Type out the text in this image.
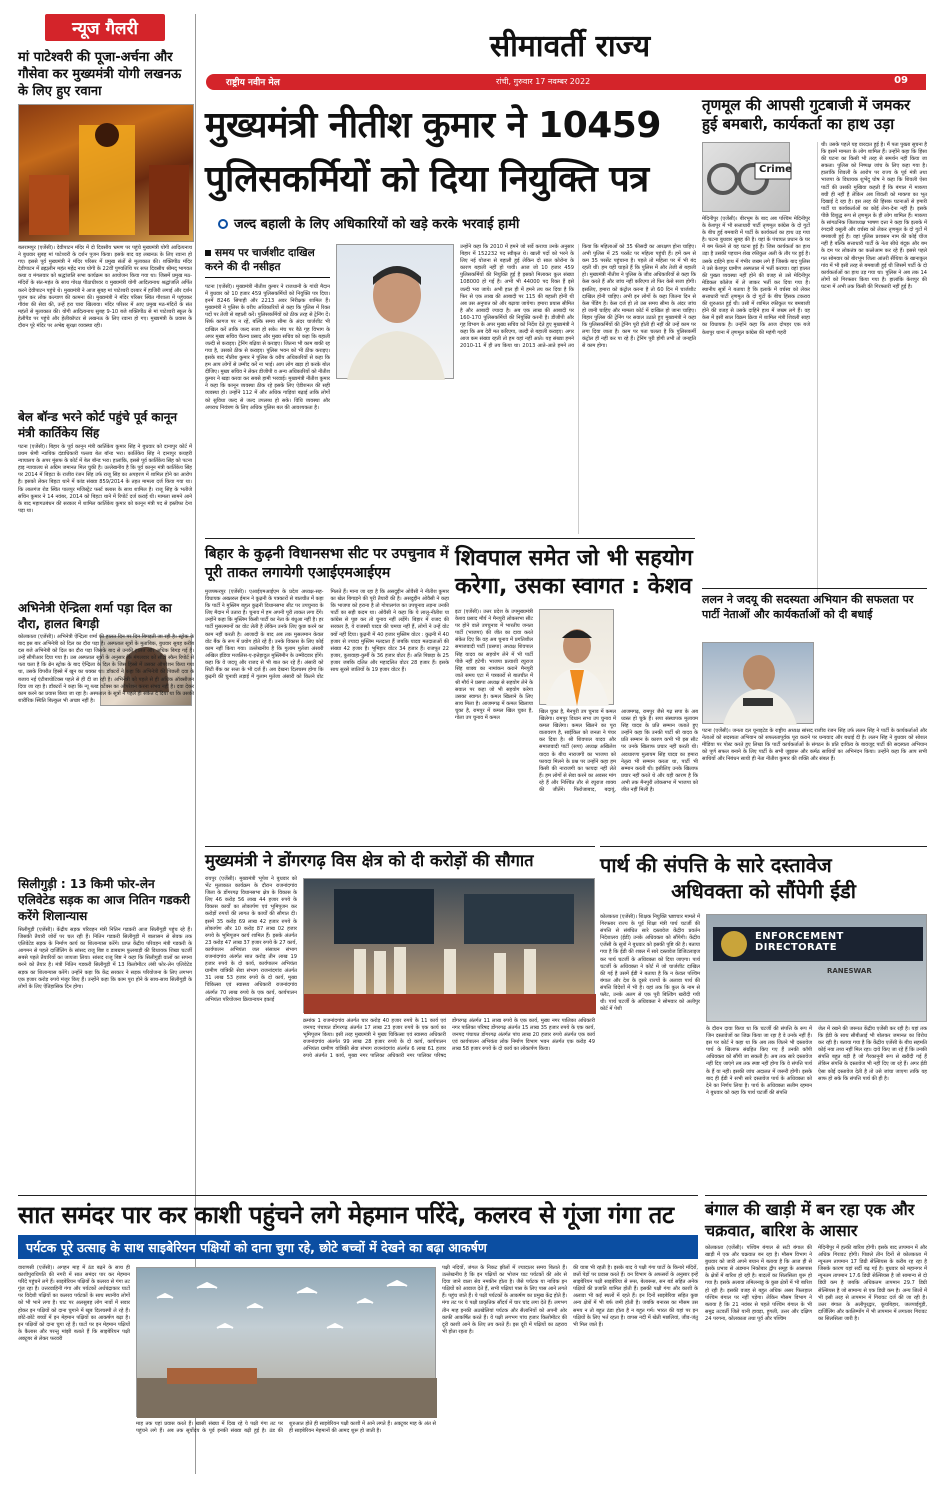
न्यूज गैलरी
मां पाटेश्वरी की पूजा-अर्चना और गौसेवा कर मुख्यमंत्री योगी लखनऊ के लिए हुए रवाना
बलरामपुर (एजेंसी)। देवीपाटन मंदिर में दो दिवसीय भ्रमण पर पहुंचे मुख्यमंत्री योगी आदित्यनाथ ने बुधवार सुबह मां पाटेश्वरी के दर्शन पूजन किया। इसके बाद वह लखनऊ के लिए रवाना हो गए। इससे पूर्व मुख्यमंत्री ने मंदिर परिसर में प्रमुख संतों से मुलाकात की। शक्तिपीठ मंदिर देवीपाटन में ब्रह्मलीन महंत महेंद्र नाथ योगी के 22वीं पुण्यतिथि पर सप्त दिवसीय श्रीमद् भागवत कथा व मंगलवार को श्रद्धांजलि सभा कार्यक्रम का आयोजन किया गया था। जिसमें प्रमुख मठ-मंदिरों के संत-महंत के साथ गोरक्ष पीठाधीश्वर व मुख्यमंत्री योगी आदित्यनाथ श्रद्धांजलि अर्पित करने देवीपाटन पहुंचे थे। मुख्यमंत्री ने आज सुबह मां पाटेश्वरी दरबार में हाजिरी लगाई और दर्शन पूजन कर लोक कल्याण की कामना की। मुख्यमंत्री ने मंदिर परिसर स्थित गौशाला में पहुंचकर गौवंश की सेवा की, उन्हें हरा चारा खिलाया। मंदिर परिसर में आए प्रमुख मठ-मंदिरों के संत महंतों से मुलाकात की। योगी आदित्यनाथ सुबह 9-10 बजे शक्तिपीठ से मां पाटेश्वरी स्कूल के हेलीपैड पर पहुंचे और हेलीकॉप्टर से लखनऊ के लिए रवाना हो गए। मुख्यमंत्री के प्रवास के दौरान पूरे मंदिर पर अभेद्य सुरक्षा व्यवस्था रही।
बेल बॉन्ड भरने कोर्ट पहुंचे पूर्व कानून मंत्री कार्तिकेय सिंह
पटना (एजेंसी)। बिहार के पूर्व कानून मंत्री कार्तिकेय कुमार सिंह ने बुधवार को दानापुर कोर्ट में प्रथम श्रेणी न्यायिक दंडाधिकारी पल्लव बेल बॉन्ड भरा। कार्तिकेय सिंह ने दानापुर कचहरी न्यायालय के अपर मुंसफ के कोर्ट में बेल बॉन्ड भरा। हालांकि, इससे पूर्व कार्तिकेय सिंह को पटना हाइ न्यायालय से अग्रिम जमानत मिल चुकी है। उल्लेखनीय है कि पूर्व कानून मंत्री कार्तिकेय सिंह पर 2014 में बिहटा के राजीव रंजन सिंह उर्फ राजू सिंह का अपहरण में शामिल होने का आरोप है। इसको लेकर बिहटा थाने में कांड संख्या 859/2014 के तहत मामला दर्ज किया गया था। कि लालगंज रोड स्थित पालपुर मजिस्ट्रेट फर्स्ट क्लास के साथ शामिल है। राजू सिंह के भतीजे सचिन कुमार ने 14 नवंबर, 2014 को बिहटा थाने में रिपोर्ट दर्ज कराई थी। मामला सामने आने के बाद महागठबंधन की सरकार में शामिल कार्तिकेय कुमार को कानून मंत्री पद से इस्तीफा देना पड़ा था।
अभिनेत्री ऐन्द्रिला शर्मा पड़ा दिल का दौरा, हालत बिगड़ी
कोलकाता (एजेंसी)। अभिनेत्री ऐन्द्रिला शर्मा की हालत दिन पर दिन बिगड़ती जा रही है। स्ट्रोक के बाद इस बार अभिनेत्री को दिल का दौरा पड़ा है। अस्पताल सूत्रों के मुताबिक, बुधवार सुबह करीब दस बजे अभिनेत्री को दिल का दौरा पड़ा जिसके बाद से उनकी हालत और अधिक बिगड़ गई है। उन्हें सीपीआर दिया गया है। उस अस्पताल सूत्रों के अनुसार कि मंगलवार को सीटी स्कैन रिपोर्ट से पता चला है कि ब्रेन स्ट्रोक के बाद ऐन्द्रिला के दिल के जिस हिस्से में उसका ऑपरेशन किया गया था, उसके विपरीत हिस्से में खून का थक्का था। डॉक्टरों ने कहा कि अभिनेत्री की पिछली दवा के बजाय नई एंटीबायोटिक्स पहले से ही दी जा रही है। अभिनेत्री को पहले से ही अधिक ऑक्सीजन दिया जा रहा है। डॉक्टरों ने कहा कि न्यू ब्लड वर्टेक्स का ऑपरेशन करना संभव नहीं है। दवा देकर काम करने का प्रयास किया जा रहा है। अस्पताल के सूत्रों ने पहले ही संकेत दे दिया था कि उसकी शारीरिक स्थिति बिल्कुल भी अच्छा नहीं है।
सिलीगुड़ी : 13 किमी फोर-लेन एलिवेटेड सड़क का आज नितिन गडकरी करेंगे शिलान्यास
सिलीगुड़ी (एजेंसी)। केंद्रीय सड़क परिवहन मंत्री नितिन गडकरी आज सिलीगुड़ी पहुंच रहे हैं। जिसकी तैयारी जोरों पर चल रही हैं। नितिन गडकरी सिलीगुड़ी में बालासन से सेवक तक एलिवेटेड सड़क के निर्माण कार्य का शिलान्यास करेंगे। प्राप्त केंद्रीय परिवहन मंत्री गडकरी के आगमन से पहले दार्जिलिंग के सांसद राजू बिष्ट व डाबग्राम फुलबाड़ी की विधायक शिखा चटर्जी सबसे पहले तैयारियों का जायजा लिया। सांसद राजू बिष्ट ने कहा कि सिलीगुड़ी वालों का सपना बनने को तैयार है। मंत्री नितिन गडकरी सिलीगुड़ी में 13 किलोमीटर लंबी फोर-लेन एलिवेटेड सड़क का शिलान्यास करेंगे। उन्होंने कहा कि केंद्र सरकार ने सड़क परियोजना के लिए लगभग एक हजार करोड़ रुपये मंजूर किए हैं। उन्होंने कहा कि काम पूरा होने के साथ-साथ सिलीगुड़ी के लोगों के लिए ऐतिहासिक दिन होगा।
सीमावर्ती राज्य
राष्ट्रीय नवीन मेल	रांची, गुरुवार 17 नवम्बर 2022	09
मुख्यमंत्री नीतीश कुमार ने 10459
पुलिसकर्मियों को दिया नियुक्ति पत्र
जल्द बहाली के लिए अधिकारियों को खड़े करके भरवाई हामी
समय पर चार्जशीट दाखिल करने की दी नसीहत
पटना (एजेंसी)। मुख्यमंत्री नीतीश कुमार ने राजधानी के गांधी मैदान में बुधवार को 10 हजार 459 पुलिसकर्मियों को नियुक्ति पत्र दिया। इनमें 8246 सिपाही और 2213 अवर निरीक्षक शामिल हैं। मुख्यमंत्री ने पुलिस के वरीय अधिकारियों से कहा कि पुलिस में रिक्त पदों पर तेजी से बहाली करें। पुलिसकर्मियों को ठीक तरह से ट्रेनिंग दें। सिर्फ कागज पर न रहें, बल्कि समय सीमा के अंदर चार्जशीट भी दाखिल करें ताकि जल्द सजा हो सके। मंच पर बैठे गृह विभाग के अपर मुख्य सचिव चैतन्य प्रसाद और मुख्य सचिव को कहा कि बहाली जल्दी से कराइए। ट्रेनिंग बढ़िया से कराइए। जितना भी काम बाकी रह गया है, उसको ठीक से कराइए। पुलिस भवन को भी ठीक कराइए। इसके बाद नीतीश कुमार ने पुलिस के वरीय अधिकारियों से कहा कि हम आप लोगों से उम्मीद करें ना भाई। आप लोग खड़ा हो करके बोल दीजिए। मुख्य सचिव ने लेकर डीजीपी व अन्य अधिकारियों को नीतीश कुमार ने खड़ा करवा कर सबसे हामी भरवाई। मुख्यमंत्री नीतीश कुमार ने कहा कि कानून व्यवस्था ठीक रहे इसके लिए ऐडीशनल की सही व्यवस्था हो। उन्होंने 112 में और अधिक गाड़ियां बढ़ाई ताकि लोगों को सुविधा जल्द से जल्द उपलब्ध हो सके। विधि व्यवस्था और अपराध नियंत्रण के लिए अधिक पुलिस बल की आवश्यकता है।
उन्होंने कहा कि 2010 में हमने जो सर्वे कराया उनके अनुसार बिहार में 152232 पद स्वीकृत थे। खाली पदों को भरने के लिए नई योजना से बहाली हुई लेकिन दो साल कोरोना के कारण बहाली नहीं हो पायी। आज जो 10 हजार 459 पुलिसकर्मियों की नियुक्ति हुई है इसको मिलाकर कुल संख्या 108000 हो गई है। अभी भी 44000 पद रिक्त हैं इसे जल्दी भरा जाये। अभी हाल ही में हमने तय कर दिया है कि फिर से एक लाख की आबादी पर 115 की बहाली होनी थी अब उस अनुपात को और बढ़ाया जायेगा। हमारा प्रयास सीमित है और आबादी ज्यादा है। अब एक लाख की आबादी पर 160-170 पुलिसकर्मियों की नियुक्ति करनी है। डीजीपी और गृह विभाग के अपर मुख्य सचिव को निर्देश देते हुए मुख्यमंत्री ने कहा कि अब देरी मत करिएगा, जल्दी से बहाली कराइए। अगर आज कम संख्या रहती तो हम यहां नहीं आते। यह संख्या हमने 2010-11 में ही तय किया था। 2013 आते-आते हमने तय किया कि महिलाओं को 35 फीसदी का आरक्षण होना चाहिए। अभी पुलिस में 25 परसेंट पर महिला पहुंची हैं। हमें कम से कम 35 परसेंट पहुंचाना है। पहले तो महिला पर में भी बंद रहती थीं। हम यही चाहते हैं कि पुलिस में और तेजी से बहाली हो। मुख्यमंत्री नीतीश ने पुलिस के जीव अधिकारियों से कहा कि केस करते हैं और जांच नहीं करिएगा तो फिर केसे सजा होगी। इसलिए, हमारा को कंट्रोल करना है तो 60 दिन में चार्जशीट दाखिल होनी चाहिए। अभी इन लोगों के कहा जितना दिन से केस पेंडिंग है। केस दर्ज हो तो उस समय सीमा के अंदर जांच हो जानी चाहिए और मामला कोर्ट में दाखिल हो जाना चाहिए। बिहार पुलिस की ट्रेनिंग पर सवाल उठाते हुए मुख्यमंत्री ने कहा कि पुलिसकर्मियों की ट्रेनिंग पूरी होती ही नहीं की उन्हें काम पर लगा दिया जाता है। काम पर पता चलता है कि पुलिसकर्मी कंट्रोल ही नहीं कर पा रहे हैं। ट्रेनिंग पूरी होगी तभी तो जनहृति से काम होगा।
तृणमूल की आपसी गुटबाजी में जमकर हुई बमबारी, कार्यकर्ता का हाथ उड़ा
Crime
मेदिनीपुर (एजेंसी)। बीरभूम के बाद अब पश्चिम मेदिनीपुर के केशपुर में भी सत्ताधारी पार्टी तृणमूल कांग्रेस के दो गुटों के बीच हुई बमबारी में पार्टी के कार्यकर्ता का हाथ उड़ गया है। घटना बुधवार सुबह की है। यहां के पंचायत प्रधान के घर में बम फेंकने से यह घटना हुई है। जिस कार्यकर्ता का हाथ उड़ा है उसकी पहचान शेख रफीकुल अली के तौर पर हुई है। उसके दाहिने हाथ में गंभीर जख्म लगे हैं जिसके बाद पुलिस ने उसे केशपुर ग्रामीण अस्पताल में भर्ती कराया। वहां हालत की पुख्ता व्यवस्था नहीं होने की वजह से उसे मेदिनीपुर मेडिकल कॉलेज में ले जाकर भर्ती कर दिया गया है। स्थानीय सूत्रों ने बताया है कि इलाके में वर्चस्व को लेकर सत्ताधारी पार्टी तृणमूल के दो गुटों के बीच हिंसक टकराव की शुरुआत हुई थी। उसी में शामिल रफीकुल पर बमबाजी होने की वजह से उसके दाहिने हाथ में जख्म लगे हैं। वह केस में इसी साल विक्रम क्रिया में शामिल मंत्री शिवली साहा का विधायक है। उन्होंने कहा कि आज दोपहर एक बजे केशपुर थाना में तृणमूल कांग्रेस की महंगी गहरी
थी। उसके पहले यह वारदात हुई है। मैं पता पुख्ता सूचना है कि इसमें मामला के लोग शामिल हैं। उन्होंने कहा कि हिंसा की घटना का किसी भी तरह से समर्थन नहीं किया जा सकता। पुलिस को निष्पक्ष जांच के लिए कहा गया है। हालांकि शिवली के आरोप पर राज्य के पूर्व मंत्री तथा भाजपा के विधायक शुभेंदु घोष ने कहा कि शिवली ऐसा पार्टी की उसकी मुखिया कहती हैं कि बंगाल में माकपा बची ही नहीं है लेकिन अब शिवली को माकपा का भूत दिखाई दे रहा है। इस तरह की हिंसक घटनाओं से हमारी पार्टी या कार्यकर्ताओं का कोई लेना-देना नहीं है। इसके पीछे विशुद्ध रूप से तृणमूल के ही लोग शामिल हैं। माकपा के सांगठनिक जिलाध्यक्ष भाषण दत्ता ने कहा कि इलाके में रंगदारी वसूली और वर्चस्व को लेकर तृणमूल के दो गुटों में बमबाजी हुई है। वहां पुलिस प्रशासन नाम की कोई चीज नहीं है बल्कि सत्ताधारी पार्टी के नेता सीधे बंदूक और बम के दम पर लोकतंत्र का कत्लेआम कर रहे हैं। इससे पहले गत सोमवार को बीरभूम जिला आंतरी सैंथिया के खानाकुल गांव में भी इसी तरह से बमबाजी हुई थी जिसमें पार्टी के दो कार्यकर्ताओं का हाथ उड़ गया था। पुलिस ने अब तक 14 लोगों को गिरफ्तार किया गया है। हालांकि केशपुर की घटना में अभी तक किसी की गिरफ्तारी नहीं हुई है।
ललन ने जदयू की सदस्यता अभियान की सफलता पर पार्टी नेताओं और कार्यकर्ताओं को दी बधाई
पटना (एजेंसी)। जनता दल यूनाइटेड के राष्ट्रीय अध्यक्ष सांसद राजीव रंजन सिंह उर्फ ललन सिंह ने पार्टी के कार्यकर्ताओं और नेताओं को सदस्यता अभियान को सफलतापूर्वक पूरा कराने पर धन्यवाद और बधाई दी है। ललन सिंह ने बुधवार को सोशल मीडिया पर पोस्ट करते हुए लिखा कि पार्टी कार्यकर्ताओं के संगठन के प्रति दायित्व के बावजूद पार्टी की सदस्यता अभियान को पूर्ण सफल बनाने के लिए पार्टी के सभी जुझारू और कर्मठ साथियों का अभिनंदन किया। उन्होंने कहा कि आप सभी साथियों और निबंधन साथी ही नेता नीतीश कुमार की शक्ति और संबल हैं।
बिहार के कुढ़नी विधानसभा सीट पर उपचुनाव में पूरी ताकत लगायेगी एआईएमआईएम
मुजफ्फरपुर (एजेंसी)। एआईएमआईएम के प्रदेश अध्यक्ष-सह-विधायक अख्तरुल ईमान ने कुढ़नी के पत्रकारों से बातचीत में कहा कि पार्टी ने मुस्लिम बहुल कुढ़नी विधानसभा सीट पर उपचुनाव के लिए मैदान में उतारा है। चुनाव में हम अपनी पूरी ताकत लगा देंगे। उन्होंने कहा कि मुस्लिम किसी पार्टी का नेता के बंधुआ नहीं है। हर पार्टी मुसलमानों का वोट लेती है लेकिन उनके लिए कुछ करने का काम नहीं करती है। आजादी के बाद अब तक मुसलमान केवल वोट बैंक के रूप में प्रयोग होते रहे हैं। उनके विकास के लिए कोई काम नहीं किया गया। उल्लेखनीय है कि गुलाम मुर्तजा अंसारी अखिल इंडिया मजलिस-ए-इत्तेहादुल मुस्लिमीन के उम्मीदवार होंगे। कहा कि वे जदयू और राजद से भी बात कर रहे हैं। अंसारी को सिटी बैंक का सत्ता के भी दर्ज हैं। अब देखना दिलचस्प होगा कि कुढ़नी की चुनावी लड़ाई में गुलाम मुर्तजा अंसारी को कितने वोट मिलते हैं। माना जा रहा है कि असदुद्दीन ओवैसी ने नीतीश कुमार का खेल बिगाड़ने की पूरी तैयारी की है। असदुद्दीन ओवैसी ने कहा कि भाजपा को हराना है तो गोपालगंज का उपचुनाव लड़ना उनकी पार्टी का सही कदम था। ओवैसी ने कहा कि ये लालू-नीतीश या कांग्रेस से पूछ कर तो चुनाव नहीं लड़ेंगे। बिहार में राजद की सरकार है, ये राजस्थी यादव की चमचा नहीं हैं, लोगों ने उन्हें वोट क्यों नहीं दिया। कुढ़नी में 40 हजार मुस्लिम वोटर : कुढ़नी में 40 हजार से ज्यादा मुस्लिम मतदाता हैं जबकि यादव मतदाताओं की संख्या 42 हजार है। भूमिहार वोटर 34 हजार हैं। राजपूत 22 हजार, कुशवाहा-कुर्मी के 36 हजार वोटर हैं। अति पिछड़ा के 25 हजार जबकि दलित और महादलित वोटर 28 हजार हैं। इसके साथ सुरसे जातियों के 19 हजार वोटर हैं।
शिवपाल समेत जो भी सहयोग
करेगा, उसका स्वागत : केशव
इटा (एजेंसी)। उत्तर प्रदेश के उपमुख्यमंत्री केशव प्रसाद मौर्य ने मैनपुरी लोकसभा सीट पर होने वाले उपचुनाव में भारतीय जनता पार्टी (भाजपा) की जीत का दावा करते संकेत दिए कि वह अब चुनाव में प्रगतिशील समाजवादी पार्टी (प्रसपा) अध्यक्ष शिवपाल सिंह यादव का सहयोग लेने में भी पार्टी पीछे नहीं हटेगी। भाजपा प्रत्याशी रघुराज सिंह शाक्य का नामांकन कराने मैनपुरी जाते समय एटा में पत्रकारों से बातचीत में श्री मौर्य ने प्रसपा अध्यक्ष से सहयोग लेने के सवाल पर कहा जो भी सहयोग करेगा उसका स्वागत है। कमल खिलाने के लिए साथ मिला है। आजमगढ़ में कमल खिलाया चुका है, रामपुर में कमल खिल चुका है, गोला उप चुनाव में कमल
खिल चुका है, मैनपुरी उप चुनाव में कमल खिलेगा। रामपुर विधान सभा उप चुनाव में कमल खिलेगा। कमल खिलने का पूरा वातावरण है, साईकिल को जनता ने पंचर कर दिया है। श्री शिवपाल यादव और समाजवादी पार्टी (सपा) अध्यक्ष अखिलेश यादव के बीच नाराजगी का भाजपा को फायदा मिलने के प्रश्न पर उन्होंने कहा हम किसी की नाराजगी का फायदा नहीं लेते हैं। हम लोगों से सेवा करने का अवसर मांग रहे हैं और निश्चित तौर से रघुराज शाक्य की जीतेंगे। फिरोजाबाद, बदायूं, आजमगढ़, रामपुर जैसे गढ़ सपा के अब ध्वस्त हो चुके हैं। सपा संस्थापक मुलायम सिंह यादव के प्रति सम्मान जताते हुए उन्होंने कहा कि उनकी पार्टी श्री यादव के प्रति सम्मान के कारण कभी भी इस सीट पर उनके खिलाफ प्रचार नहीं करती थी। अवधारणा मुलायम सिंह यादव का हमारा नेतृत्व भी सम्मान करता था, पार्टी भी सम्मान करती थी। इसीलिए उनके खिलाफ प्रचार नहीं करते थे और यही कारण है कि अभी तक मैनपुरी लोकसभा में भाजपा को जीत नहीं मिली है।
मुख्यमंत्री ने डोंगरगढ़ विस क्षेत्र को दी करोड़ों की सौगात
रायपुर (एजेंसी)। मुख्यमंत्री भूपेश ने बुधवार को भेंट मुलाकात कार्यक्रम के दौरान राजनांदगांव जिला के डोंगरगढ़ विधानसभा क्षेत्र के विकास के लिए 46 करोड़ 56 लाख 44 हजार रुपये के विकास कार्यों का लोकार्पण एवं भूमिपूजन कर करोड़ों रुपयों की लागत के कार्यों की सौगात दी। इसमें 35 करोड़ 69 लाख 42 हजार रुपये के लोकार्पण और 10 करोड़ 87 लाख 02 हजार रुपये के भूमिपूजन कार्य शामिल हैं। इसके अंतर्गत 23 करोड़ 47 लाख 37 हजार रुपये के 27 कार्य, कार्यपालन अभियंता जल संसाधन संभाग राजनांदगांव अंतर्गत सात करोड़ तीन लाख 19 हजार रुपये के दो कार्य, कार्यपालन अभियंता ग्रामीण यांत्रिकी सेवा संभाग राजनांदगांव अंतर्गत 31 लाख 53 हजार रुपये के दो कार्य, मुख्य चिकित्सा एवं स्वास्थ्य अधिकारी राजनांदगांव अंतर्गत 70 लाख रुपये के एक कार्य, कार्यपालन अभियंता परियोजना क्रियान्वयन इकाई
क्रमांक 1 राजनांदगांव अंतर्गत चार करोड़ 40 हजार रुपये के 11 कार्य एवं जनपद पंचायत डोंगरगढ़ अंतर्गत 17 लाख 23 हजार रुपये के एक कार्य का भूमिपूजन किया। इसी तरह मुख्यमंत्री ने मुख्य चिकित्सा एवं स्वास्थ्य अधिकारी राजनांदगांव अंतर्गत 99 लाख 28 हजार रुपये के दो कार्य, कार्यपालन अभियंता ग्रामीण यांत्रिकी सेवा संभाग राजनांदगांव अंतर्गत 6 लाख 61 हजार रुपये अंतर्गत 1 कार्य, मुख्य नगर पालिका अधिकारी नगर पालिका परिषद डोंगरगढ़ अंतर्गत 11 लाख रुपये के एक कार्य, मुख्य नगर पालिका अधिकारी नगर पालिका परिषद डोंगरगढ़ अंतर्गत 15 लाख 35 हजार रुपये के एक कार्य, जनपद पंचायत डोंगरगढ़ अंतर्गत पांच लाख 20 हजार रुपये अंतर्गत एक कार्य एवं कार्यपालन अभियंता लोक निर्माण विभाग भवन अंतर्गत एक करोड़ 49 लाख 58 हजार रुपये के दो कार्य का लोकार्पण किया।
पार्थ की संपत्ति के सारे दस्तावेज
अधिवक्ता को सौंपेगी ईडी
कोलकाता (एजेंसी)। शिक्षक नियुक्ति भ्रष्टाचार मामले में गिरफ्तार राज्य के पूर्व शिक्षा मंत्री पार्थ चटर्जी की संपत्ति से संबंधित सारे दस्तावेज केंद्रीय प्रवर्तन निदेशालय (ईडी) उनके अधिवक्ता को सौंपेगी। केंद्रीय एजेंसी के सूत्रों ने बुधवार को इसकी पुष्टि की है। बताया गया है कि ईडी की शक्ल में सारे दस्तावेज डिजिटलाइज कर पार्थ चटर्जी के अधिवक्ता को दिया जाएगा। पार्थ चटर्जी के अधिवक्ता ने कोर्ट में जो चार्जशीट दाखिल की गई है उसमें ईडी ने बताया है कि न केवल पश्चिम बंगाल और देश के दूसरे राज्यों के अलावा पार्थ की संपत्ति विदेशों में भी है। यहां तक कि कुल के नाम से फ्लैट, उनके अलग से एक पूरी बिल्डिंग खरीदी गयी थी। पार्थ चटर्जी के अधिवक्ता ने सोमवार को अलीपुर कोर्ट में पेशी
ENFORCEMENT DIRECTORATE
RANESWAR
के दौरान दावा किया था कि चटर्जी की संपत्ति के रूप में जिन दस्तावेजों का जिक्र किया जा रहा है वे उनके नहीं हैं। इस पर कोर्ट ने कहा था कि अब तक जितने भी दस्तावेज पार्थ के खिलाफ संग्रहित किए गए हैं उनकी कॉपी अधिवक्ता को सौंपी जा सकती है। अब तक सारे दस्तावेज नहीं दिए जाएंगे तब तक स्पष्ट नहीं होगा कि वे संपत्ति पार्थ के हैं या नहीं। इसकी जांच अदालत में जरूरी होगी। इसके बाद ही ईडी ने सभी सारे दस्तावेज पार्थ के अधिवक्ता को देने का निर्णय लिया है। पार्थ के अधिवक्ता सलीम रहमान ने बुधवार को कहा कि पार्थ चटर्जी की संपत्ति
जेल में रखने की जरूरत केंद्रीय एजेंसी कर रही है। यहां तक कि ईडी के साथ सीबीआई भी बोलकर जमानत का विरोध कर रही है। बताया गया है कि केंद्रीय एजेंसी के बीच सहमति कोई नया तथ्य नहीं मिल रहा। दावे किए जा रहे हैं कि उनकी संपत्ति बहुत बड़ी है जो गैरकानूनी रूप से खरीदी गई हैं लेकिन संपत्ति के दस्तावेज भी नहीं दिए जा रहे हैं। अगर ईडी ऐसा कोई दस्तावेज देती है तो उसे जांचा जाएगा ताकि यह साफ हो सके कि संपत्ति पार्थ की ही है।
सात समंदर पार कर काशी पहुंचने लगे मेहमान परिंदे, कलरव से गूंजा गंगा तट
पर्यटक पूरे उत्साह के साथ साइबेरियन पक्षियों को दाना चुगा रहे, छोटे बच्चों में देखने का बढ़ा आकर्षण
वाराणसी (एजेंसी)। अगहन माह में ठंड बढ़ने के साथ ही काशीपुराधिपति की नगरी में सात समंदर पार कर मेहमान परिंदे पहुंचने लगे हैं। साइबेरियन पक्षियों के कलरव से गंगा तट गूंज रहा है। उत्तरवाहिनी गंगा और पर्यटकों अर्धचंद्राकार घाटों पर विदेशी पक्षियों का कलरव पर्यटकों के साथ स्थानीय लोगों को भी भाने लगा है। घाट पर अलसुबह लोग नावों में सवार होकर इन पक्षियों को दाना चुगाने में खूब दिलचस्पी ले रहे हैं। छोटे-छोटे बच्चों में इन मेहमान पक्षियों का आकर्षण बढ़ा है। इन पक्षियों को दाना चुगा रहे हैं। घाटों पर इन मेहमान पक्षियों के कैलास और परन्तु मांझी बताते हैं कि साइबेरियन पक्षी अक्टूबर से लेकर फरवरी
माह तक यहां प्रवास करते हैं। खासी संख्या में दिख रहे ये पक्षी गंगा तट पर पहुंचने लगे हैं। अब तक सूर्योदय के पूर्व इनकी संख्या बढ़ी हुई है। ठंड की शुरुआत होते ही साइबेरियन पक्षी काशी में आने लगते हैं। अक्टूबर माह के अंत से ही साइबेरियन मेहमानों की आमद शुरू हो जाती है।
पक्षी नदियों, जंगल के निकट झीलों में ज्यादातर समय बिताते हैं। उल्लेखनीय है कि इन पक्षियों का भोजन घाट पर्यटकों की ओर से दिया जाने वाला सेव नमकीन होता है। जैसे पर्यटक या नाविक इन पक्षियों को आवाज देते हैं, सभी पक्षियां पास के लिए पास आने लगते हैं। पहुंच जाते हैं। ये पक्षी पर्यटकों के आकर्षण का प्रमुख केंद्र होते हैं। मंगा तट पर ये पक्षी प्राकृतिक सौंदर्य में चार चांद लगा देते हैं। लगभग तीन माह इनकी अठखेलियां पर्यटक और सैलानियों को अपनी ओर काफी आकर्षित करते हैं। ये पक्षी लगभग पांच हजार किलोमीटर की दूरी काशी आने के लिए तय करते हैं। इस दूरी में पक्षियों का ठहराव भी होता रहता है।
की यात्रा भी रहती है। इसके बाद ये पक्षी गंगा घाटों के किनारे मंदिरों, छतों पेड़ों पर प्रवास करते हैं। वन विभाग के अफसरों के अनुसार इन्हें साइबेरियन पक्षी साइबेरिया से रूस, बेलारूस, सन बर्ड सहित अनेक पक्षियों की प्रजाति शामिल होती हैं। इसकी पक्षी गंगा और काशी के अलावा भी कई स्थलों में रहते हैं। इन दिनों साइबेरिया सहित कुछ अन्य क्षेत्रों में भी बर्फ जमी होती है। जबकि बनारस का मौसम उस समय न तो बहुत ठंडा होता है न बहुत गर्म। भारत की यहां पर इन पक्षियों के लिए भर्त रहता है। वापस नदी में खेती मछलियां, जीव-जंतु भी मिल जाते हैं।
बंगाल की खाड़ी में बन रहा एक और चक्रवात, बारिश के आसार
कोलकाता (एजेंसी)। पश्चिम बंगाल से सटी बंगाल की खाड़ी में एक और चक्रवात बन रहा है। मौसम विभाग ने बुधवार को जारी अपने बयान में बताया है कि आज ही से इसके प्रभाव से अंडमान निकोबार द्वीप समूह के आसपास के क्षेत्रों में बारिश हो रही है। बादलों का सिलसिला शुरू हो गया है। इसके अलावा तमिलनाडु के कुछ क्षेत्रों में भी बारिश हो रही है। इसकी वजह से बहुत अधिक असर फिलहाल पश्चिम बंगाल पर नहीं पड़ेगा। लेकिन मौसम विभाग ने बताया है कि 21 नवंबर से पहले पश्चिम बंगाल के भी समुद्र तटवर्ती जिले यानी हावड़ा, हुगली, उत्तर और दक्षिण 24 परगना, कोलकाता तथा पूर्व और पश्चिम
मेदिनीपुर में हल्की बारिश होगी। इसके बाद तापमान में और अधिक गिरावट होगी। पिछले तीन दिनों से कोलकाता में न्यूनतम तापमान 17 डिग्री सेल्सियस के करीब रह रहा है जिसके कारण यहां सर्दी बढ़ गई है। बुधवार को महानगर में न्यूनतम तापमान 17.6 डिग्री सेल्सियस है जो सामान्य से दो डिग्री कम है जबकि अधिकतम तापमान 29.7 डिग्री सेल्सियस है जो सामान्य से एक डिग्री कम है। अन्य जिलों में भी इसी तरह से तापमान में गिरावट दर्ज की जा रही है। उत्तर बंगाल के अलीपुरद्वार, कूचबिहार, जलपाईगुड़ी, दार्जिलिंग और कालिम्पोंग में भी तापमान में लगातार गिरावट का सिलसिला जारी है।
